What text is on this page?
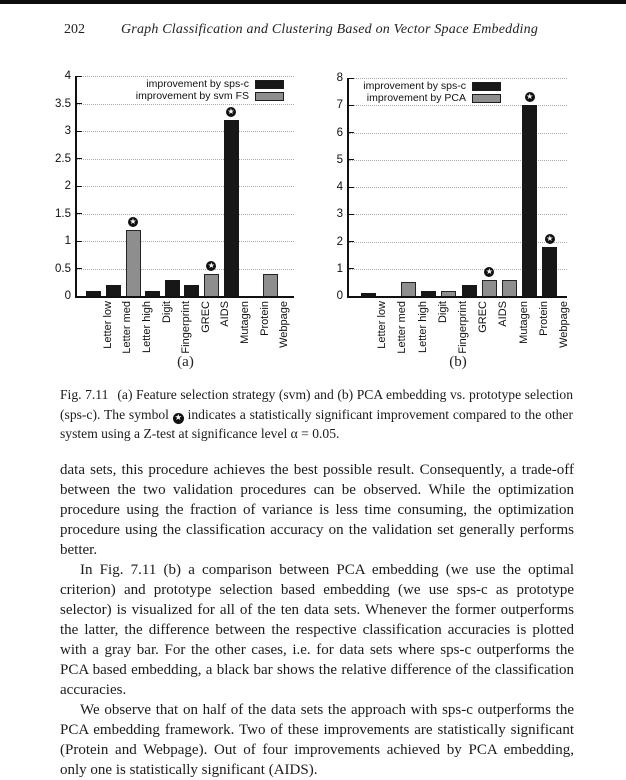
202	Graph Classification and Clustering Based on Vector Space Embedding
0
0.5
1
1.5
2
2.5
3
3.5
4
Letter low Letter med
★
Letter high Digit Fingerprint GREC
★
AIDS
★
Mutagen Protein Webpage
improvement by sps-c
improvement by svm FS
(a)
0
1
2
3
4
5
6
7
8
Letter low Letter med Letter high Digit Fingerprint GREC
★
AIDS Mutagen
★
Protein
★
Webpage
improvement by sps-c
improvement by PCA
(b)

Fig. 7.11 (a) Feature selection strategy (svm) and (b) PCA embedding vs. prototype selection (sps-c). The symbol ★ indicates a statistically significant improvement compared to the other system using a Z-test at significance level α = 0.05.

data sets, this procedure achieves the best possible result. Consequently, a trade-off between the two validation procedures can be observed. While the optimization procedure using the fraction of variance is less time consuming, the optimization procedure using the classification accuracy on the validation set generally performs better.

In Fig. 7.11 (b) a comparison between PCA embedding (we use the optimal criterion) and prototype selection based embedding (we use sps-c as prototype selector) is visualized for all of the ten data sets. Whenever the former outperforms the latter, the difference between the respective classification accuracies is plotted with a gray bar. For the other cases, i.e. for data sets where sps-c outperforms the PCA based embedding, a black bar shows the relative difference of the classification accuracies.

We observe that on half of the data sets the approach with sps-c outperforms the PCA embedding framework. Two of these improvements are statistically significant (Protein and Webpage). Out of four improvements achieved by PCA embedding, only one is statistically significant (AIDS).
